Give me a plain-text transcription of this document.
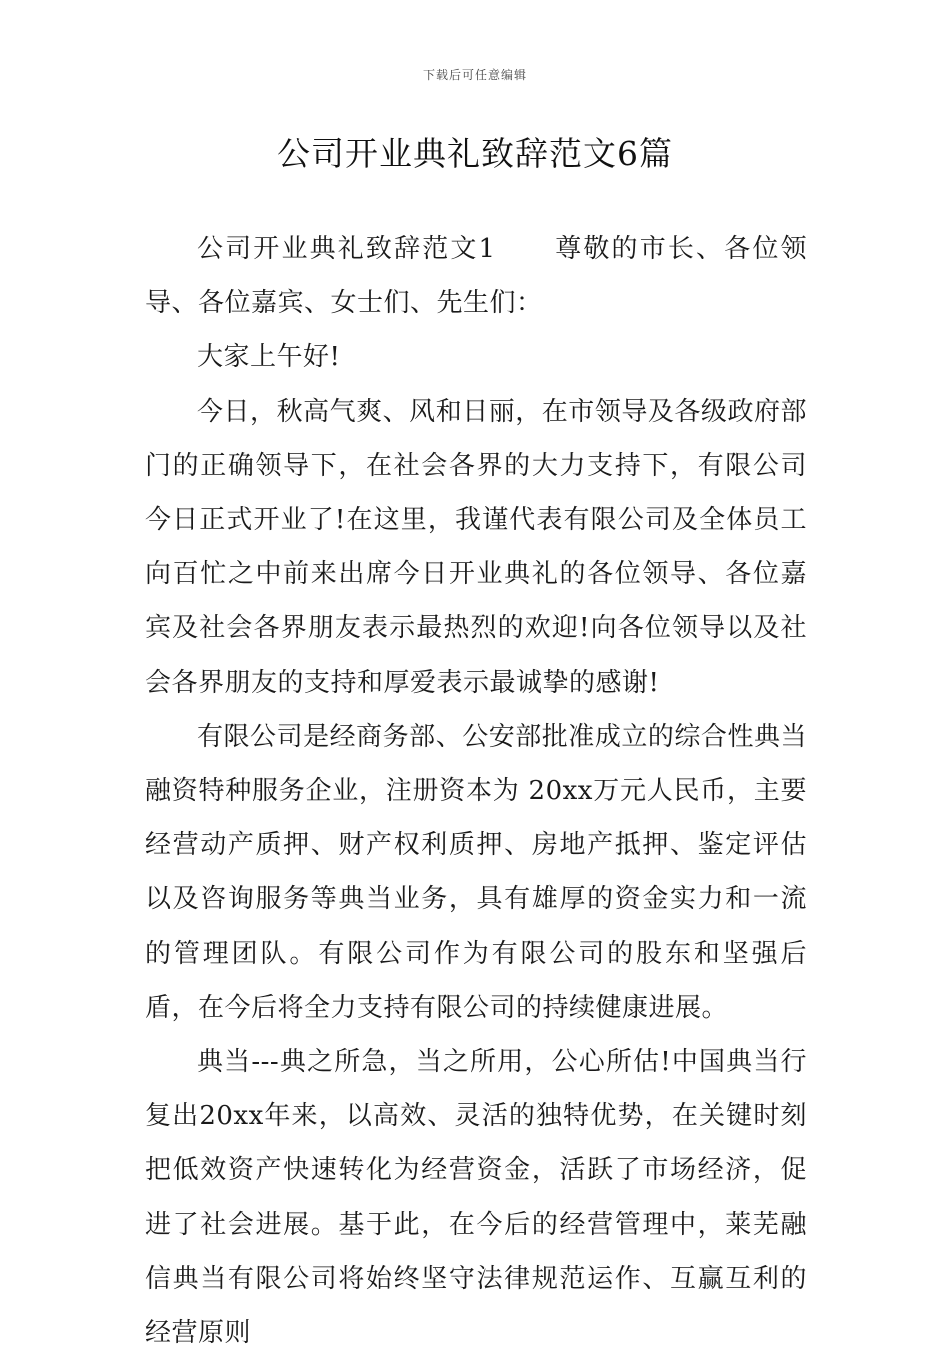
下载后可任意编辑
公司开业典礼致辞范文6篇

公司开业典礼致辞范文1 尊敬的市长、各位领导、各位嘉宾、女士们、先生们：

大家上午好!

今日，秋高气爽、风和日丽，在市领导及各级政府部门的正确领导下，在社会各界的大力支持下，有限公司今日正式开业了!在这里，我谨代表有限公司及全体员工向百忙之中前来出席今日开业典礼的各位领导、各位嘉宾及社会各界朋友表示最热烈的欢迎!向各位领导以及社会各界朋友的支持和厚爱表示最诚挚的感谢!

有限公司是经商务部、公安部批准成立的综合性典当融资特种服务企业，注册资本为 20xx万元人民币，主要经营动产质押、财产权利质押、房地产抵押、鉴定评估以及咨询服务等典当业务，具有雄厚的资金实力和一流的管理团队。有限公司作为有限公司的股东和坚强后盾，在今后将全力支持有限公司的持续健康进展。

典当---典之所急，当之所用，公心所估!中国典当行复出20xx年来，以高效、灵活的独特优势，在关键时刻把低效资产快速转化为经营资金，活跃了市场经济，促进了社会进展。基于此，在今后的经营管理中，莱芜融信典当有限公司将始终坚守法律规范运作、互赢互利的经营原则
